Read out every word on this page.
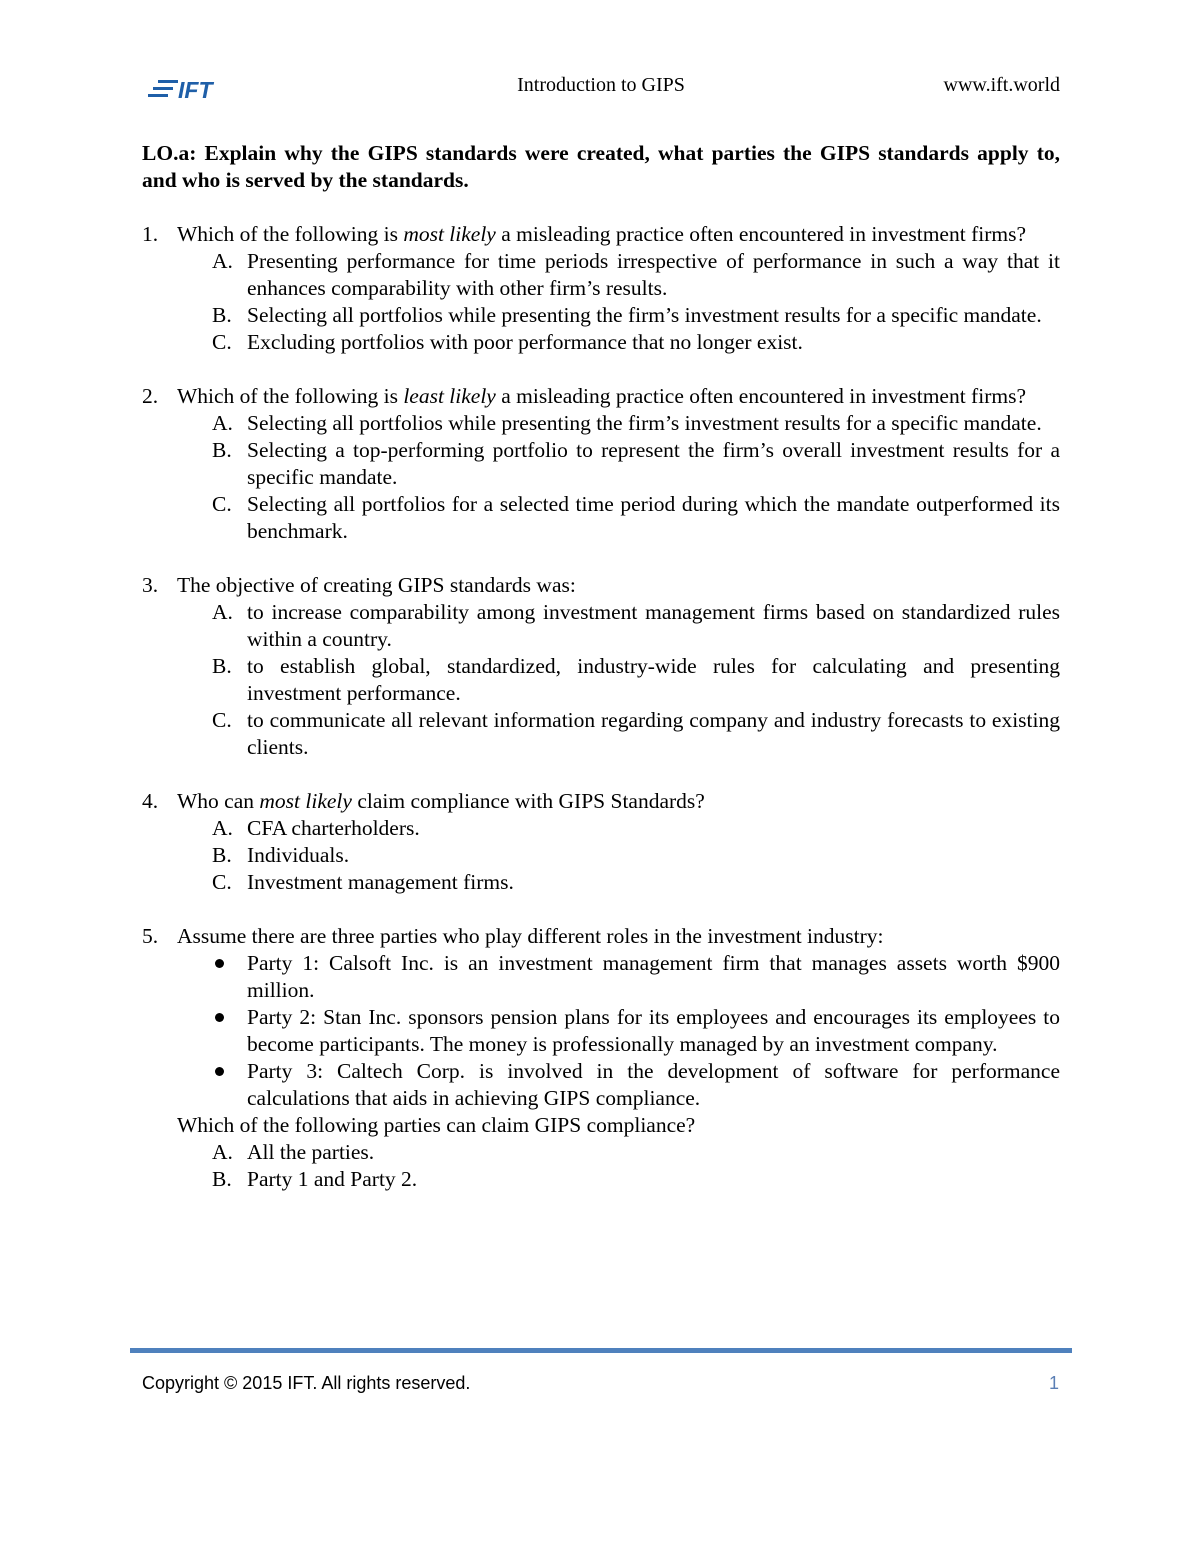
IFT	Introduction to GIPS	www.ift.world

LO.a: Explain why the GIPS standards were created, what parties the GIPS standards apply to, and who is served by the standards.

1. Which of the following is most likely a misleading practice often encountered in investment firms?
A. Presenting performance for time periods irrespective of performance in such a way that it enhances comparability with other firm’s results.
B. Selecting all portfolios while presenting the firm’s investment results for a specific mandate.
C. Excluding portfolios with poor performance that no longer exist.
2. Which of the following is least likely a misleading practice often encountered in investment firms?
A. Selecting all portfolios while presenting the firm’s investment results for a specific mandate.
B. Selecting a top-performing portfolio to represent the firm’s overall investment results for a specific mandate.
C. Selecting all portfolios for a selected time period during which the mandate outperformed its benchmark.
3. The objective of creating GIPS standards was:
A. to increase comparability among investment management firms based on standardized rules within a country.
B. to establish global, standardized, industry-wide rules for calculating and presenting investment performance.
C. to communicate all relevant information regarding company and industry forecasts to existing clients.
4. Who can most likely claim compliance with GIPS Standards?
A. CFA charterholders.
B. Individuals.
C. Investment management firms.
5. Assume there are three parties who play different roles in the investment industry:
Party 1: Calsoft Inc. is an investment management firm that manages assets worth $900 million.
Party 2: Stan Inc. sponsors pension plans for its employees and encourages its employees to become participants. The money is professionally managed by an investment company.
Party 3: Caltech Corp. is involved in the development of software for performance calculations that aids in achieving GIPS compliance.
Which of the following parties can claim GIPS compliance?
A. All the parties.
B. Party 1 and Party 2.
Copyright © 2015 IFT. All rights reserved.	1
